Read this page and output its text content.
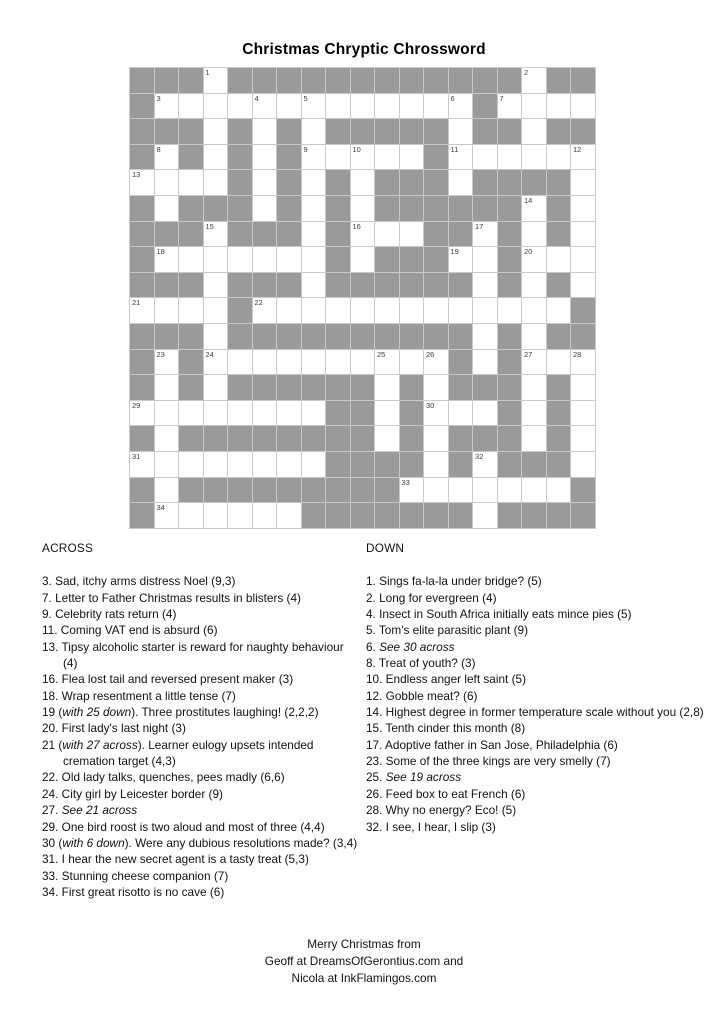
Christmas Chryptic Chrossword
1	2
3	4	5	6	7
8	9	10	11	12
13
14
15	16	17
18	19	20
21	22
23	24	25	26	27	28
29	30
31	32
33
34
ACROSS
3. Sad, itchy arms distress Noel (9,3)
7. Letter to Father Christmas results in blisters (4)
9. Celebrity rats return (4)
11. Coming VAT end is absurd (6)
13. Tipsy alcoholic starter is reward for naughty behaviour (4)
16. Flea lost tail and reversed present maker (3)
18. Wrap resentment a little tense (7)
19 (with 25 down). Three prostitutes laughing! (2,2,2)
20. First lady's last night (3)
21 (with 27 across). Learner eulogy upsets intended cremation target (4,3)
22. Old lady talks, quenches, pees madly (6,6)
24. City girl by Leicester border (9)
27. See 21 across
29. One bird roost is two aloud and most of three (4,4)
30 (with 6 down). Were any dubious resolutions made? (3,4)
31. I hear the new secret agent is a tasty treat (5,3)
33. Stunning cheese companion (7)
34. First great risotto is no cave (6)
DOWN
1. Sings fa-la-la under bridge? (5)
2. Long for evergreen (4)
4. Insect in South Africa initially eats mince pies (5)
5. Tom's elite parasitic plant (9)
6. See 30 across
8. Treat of youth? (3)
10. Endless anger left saint (5)
12. Gobble meat? (6)
14. Highest degree in former temperature scale without you (2,8)
15. Tenth cinder this month (8)
17. Adoptive father in San Jose, Philadelphia (6)
23. Some of the three kings are very smelly (7)
25. See 19 across
26. Feed box to eat French (6)
28. Why no energy? Eco! (5)
32. I see, I hear, I slip (3)
Merry Christmas from
Geoff at DreamsOfGerontius.com and
Nicola at InkFlamingos.com
